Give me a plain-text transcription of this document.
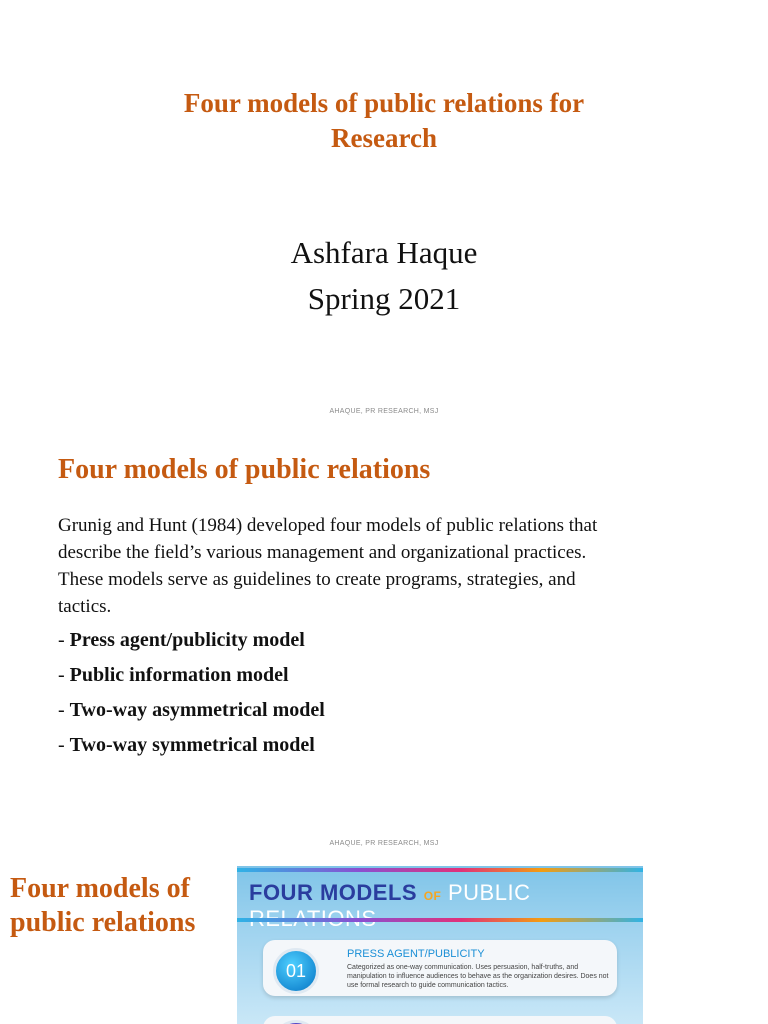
Four models of public relations for
Research
Ashfara Haque
Spring 2021
AHAQUE, PR RESEARCH, MSJ
Four models of public relations
Grunig and Hunt (1984) developed four models of public relations that
describe the field’s various management and organizational practices.
These models serve as guidelines to create programs, strategies, and
tactics.
- Press agent/publicity model
- Public information model
- Two-way asymmetrical model
- Two-way symmetrical model
AHAQUE, PR RESEARCH, MSJ
Four models of
public relations
FOUR MODELS OF PUBLIC
01
PRESS AGENT/PUBLICITY
Categorized as one-way communication. Uses persuasion, half-truths, and manipulation to influence audiences to behave as the organization desires. Does not use formal research to guide communication tactics.
